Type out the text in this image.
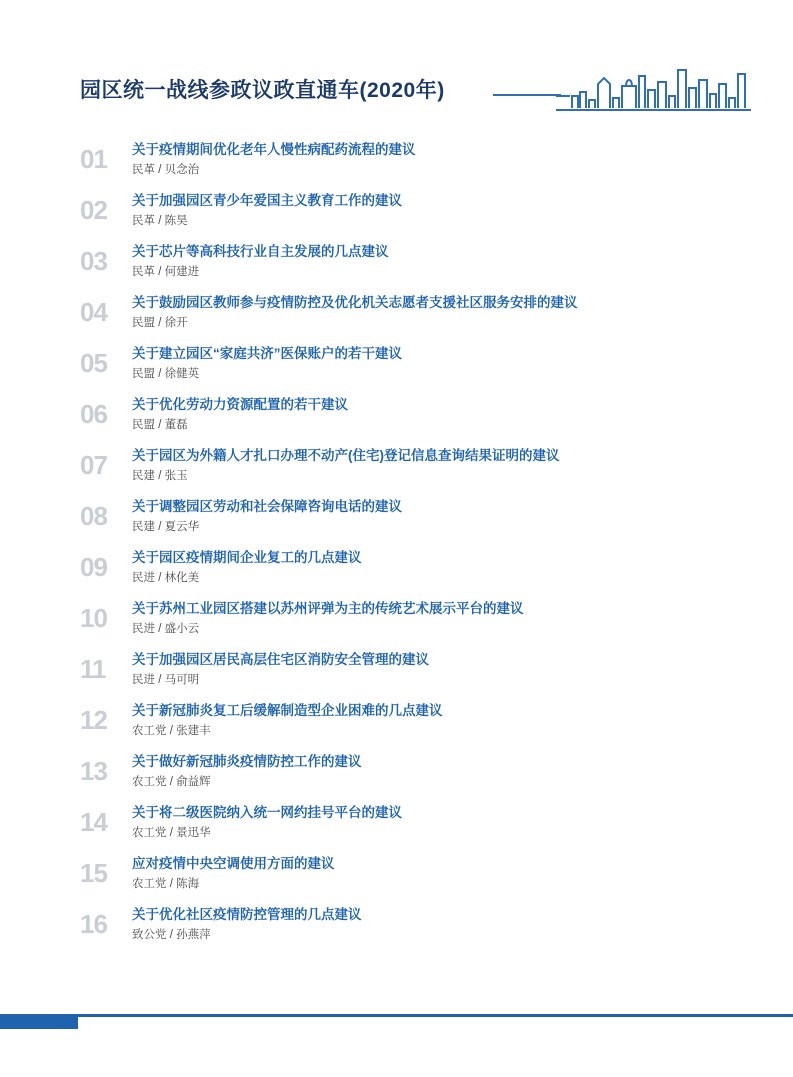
园区统一战线参政议政直通车(2020年)
01	关于疫情期间优化老年人慢性病配药流程的建议
民革 / 贝念治
02	关于加强园区青少年爱国主义教育工作的建议
民革 / 陈昊
03	关于芯片等高科技行业自主发展的几点建议
民革 / 何建进
04	关于鼓励园区教师参与疫情防控及优化机关志愿者支援社区服务安排的建议
民盟 / 徐开
05	关于建立园区“家庭共济”医保账户的若干建议
民盟 / 徐健英
06	关于优化劳动力资源配置的若干建议
民盟 / 董磊
07	关于园区为外籍人才扎口办理不动产(住宅)登记信息查询结果证明的建议
民建 / 张玉
08	关于调整园区劳动和社会保障咨询电话的建议
民建 / 夏云华
09	关于园区疫情期间企业复工的几点建议
民进 / 林化美
10	关于苏州工业园区搭建以苏州评弹为主的传统艺术展示平台的建议
民进 / 盛小云
11	关于加强园区居民高层住宅区消防安全管理的建议
民进 / 马可明
12	关于新冠肺炎复工后缓解制造型企业困难的几点建议
农工党 / 张建丰
13	关于做好新冠肺炎疫情防控工作的建议
农工党 / 俞益辉
14	关于将二级医院纳入统一网约挂号平台的建议
农工党 / 景迅华
15	应对疫情中央空调使用方面的建议
农工党 / 陈海
16	关于优化社区疫情防控管理的几点建议
致公党 / 孙燕萍
